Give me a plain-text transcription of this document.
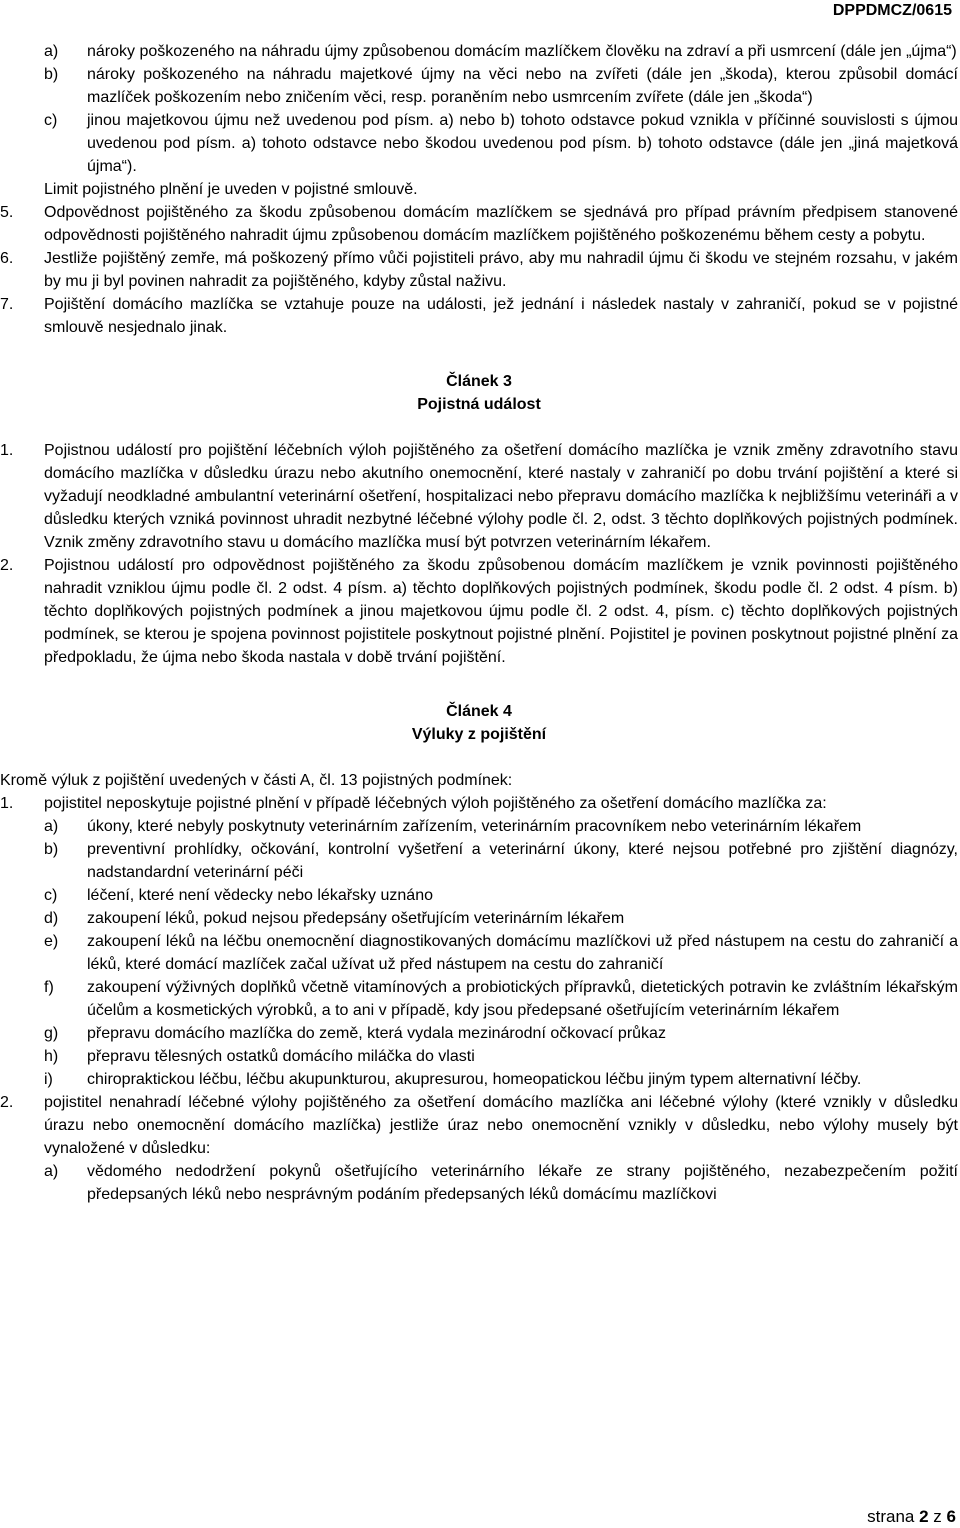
DPPDMCZ/0615
a) nároky poškozeného na náhradu újmy způsobenou domácím mazlíčkem člověku na zdraví a při usmrcení (dále jen „újma“)
b) nároky poškozeného na náhradu majetkové újmy na věci nebo na zvířeti (dále jen „škoda), kterou způsobil domácí mazlíček poškozením nebo zničením věci, resp. poraněním nebo usmrcením zvířete (dále jen „škoda“)
c) jinou majetkovou újmu než uvedenou pod písm. a) nebo b) tohoto odstavce pokud vznikla v příčinné souvislosti s újmou uvedenou pod písm. a) tohoto odstavce nebo škodou uvedenou pod písm. b) tohoto odstavce (dále jen „jiná majetková újma“).
Limit pojistného plnění je uveden v pojistné smlouvě.
5. Odpovědnost pojištěného za škodu způsobenou domácím mazlíčkem se sjednává pro případ právním předpisem stanovené odpovědnosti pojištěného nahradit újmu způsobenou domácím mazlíčkem pojištěného poškozenému během cesty a pobytu.
6. Jestliže pojištěný zemře, má poškozený přímo vůči pojistiteli právo, aby mu nahradil újmu či škodu ve stejném rozsahu, v jakém by mu ji byl povinen nahradit za pojištěného, kdyby zůstal naživu.
7. Pojištění domácího mazlíčka se vztahuje pouze na události, jež jednání i následek nastaly v zahraničí, pokud se v pojistné smlouvě nesjednalo jinak.
Článek 3
Pojistná událost
1. Pojistnou událostí pro pojištění léčebních výloh pojištěného za ošetření domácího mazlíčka je vznik změny zdravotního stavu domácího mazlíčka v důsledku úrazu nebo akutního onemocnění, které nastaly v zahraničí po dobu trvání pojištění a které si vyžadují neodkladné ambulantní veterinární ošetření, hospitalizaci nebo přepravu domácího mazlíčka k nejbližšímu veterináři a v důsledku kterých vzniká povinnost uhradit nezbytné léčebné výlohy podle čl. 2, odst. 3 těchto doplňkových pojistných podmínek. Vznik změny zdravotního stavu u domácího mazlíčka musí být potvrzen veterinárním lékařem.
2. Pojistnou událostí pro odpovědnost pojištěného za škodu způsobenou domácím mazlíčkem je vznik povinnosti pojištěného nahradit vzniklou újmu podle čl. 2 odst. 4 písm. a) těchto doplňkových pojistných podmínek, škodu podle čl. 2 odst. 4 písm. b) těchto doplňkových pojistných podmínek a jinou majetkovou újmu podle čl. 2 odst. 4, písm. c) těchto doplňkových pojistných podmínek, se kterou je spojena povinnost pojistitele poskytnout pojistné plnění. Pojistitel je povinen poskytnout pojistné plnění za předpokladu, že újma nebo škoda nastala v době trvání pojištění.
Článek 4
Výluky z pojištění
Kromě výluk z pojištění uvedených v části A, čl. 13 pojistných podmínek:
1. pojistitel neposkytuje pojistné plnění v případě léčebných výloh pojištěného za ošetření domácího mazlíčka za:
a) úkony, které nebyly poskytnuty veterinárním zařízením, veterinárním pracovníkem nebo veterinárním lékařem
b) preventivní prohlídky, očkování, kontrolní vyšetření a veterinární úkony, které nejsou potřebné pro zjištění diagnózy, nadstandardní veterinární péči
c) léčení, které není vědecky nebo lékařsky uznáno
d) zakoupení léků, pokud nejsou předepsány ošetřujícím veterinárním lékařem
e) zakoupení léků na léčbu onemocnění diagnostikovaných domácímu mazlíčkovi už před nástupem na cestu do zahraničí a léků, které domácí mazlíček začal užívat už před nástupem na cestu do zahraničí
f) zakoupení výživných doplňků včetně vitamínových a probiotických přípravků, dietetických potravin ke zvláštním lékařským účelům a kosmetických výrobků, a to ani v případě, kdy jsou předepsané ošetřujícím veterinárním lékařem
g) přepravu domácího mazlíčka do země, která vydala mezinárodní očkovací průkaz
h) přepravu tělesných ostatků domácího miláčka do vlasti
i) chiropraktickou léčbu, léčbu akupunkturou, akupresurou, homeopatickou léčbu jiným typem alternativní léčby.
2. pojistitel nenahradí léčebné výlohy pojištěného za ošetření domácího mazlíčka ani léčebné výlohy (které vznikly v důsledku úrazu nebo onemocnění domácího mazlíčka) jestliže úraz nebo onemocnění vznikly v důsledku, nebo výlohy musely být vynaložené v důsledku:
a) vědomého nedodržení pokynů ošetřujícího veterinárního lékaře ze strany pojištěného, nezabezpečením požití předepsaných léků nebo nesprávným podáním předepsaných léků domácímu mazlíčkovi
strana 2 z 6
